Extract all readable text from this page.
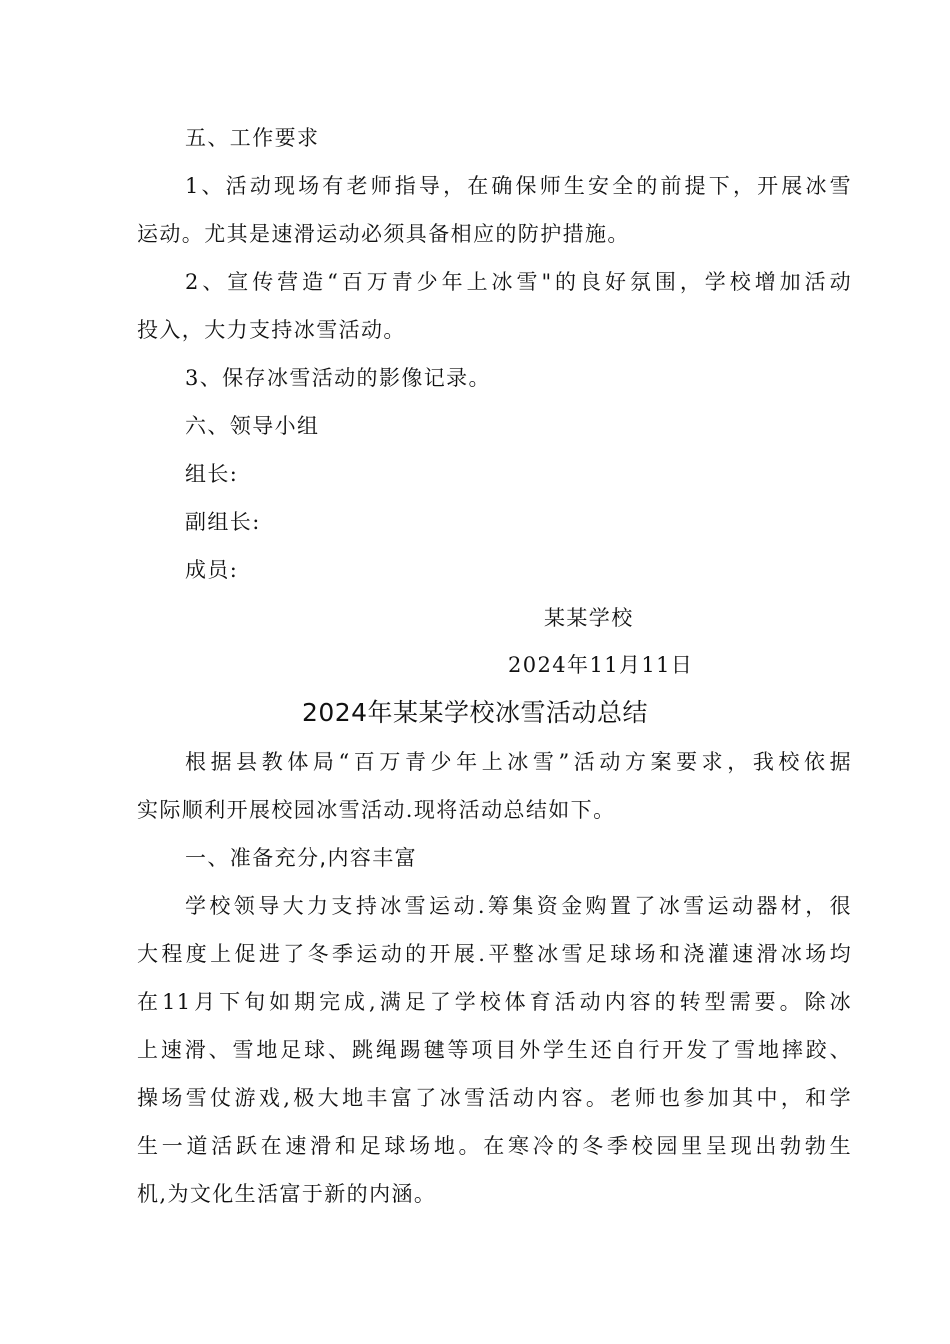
五、工作要求
1、活动现场有老师指导，在确保师生安全的前提下，开展冰雪
运动。尤其是速滑运动必须具备相应的防护措施。
2、宣传营造“百万青少年上冰雪"的良好氛围，学校增加活动
投入，大力支持冰雪活动。
3、保存冰雪活动的影像记录。
六、领导小组
组长:
副组长:
成员:
某某学校
2024年11月11日
2024年某某学校冰雪活动总结
根据县教体局“百万青少年上冰雪”活动方案要求，我校依据
实际顺利开展校园冰雪活动.现将活动总结如下。
一、准备充分,内容丰富
学校领导大力支持冰雪运动.筹集资金购置了冰雪运动器材，很
大程度上促进了冬季运动的开展.平整冰雪足球场和浇灌速滑冰场均
在11月下旬如期完成,满足了学校体育活动内容的转型需要。除冰
上速滑、雪地足球、跳绳踢毽等项目外学生还自行开发了雪地摔跤、
操场雪仗游戏,极大地丰富了冰雪活动内容。老师也参加其中，和学
生一道活跃在速滑和足球场地。在寒冷的冬季校园里呈现出勃勃生
机,为文化生活富于新的内涵。
